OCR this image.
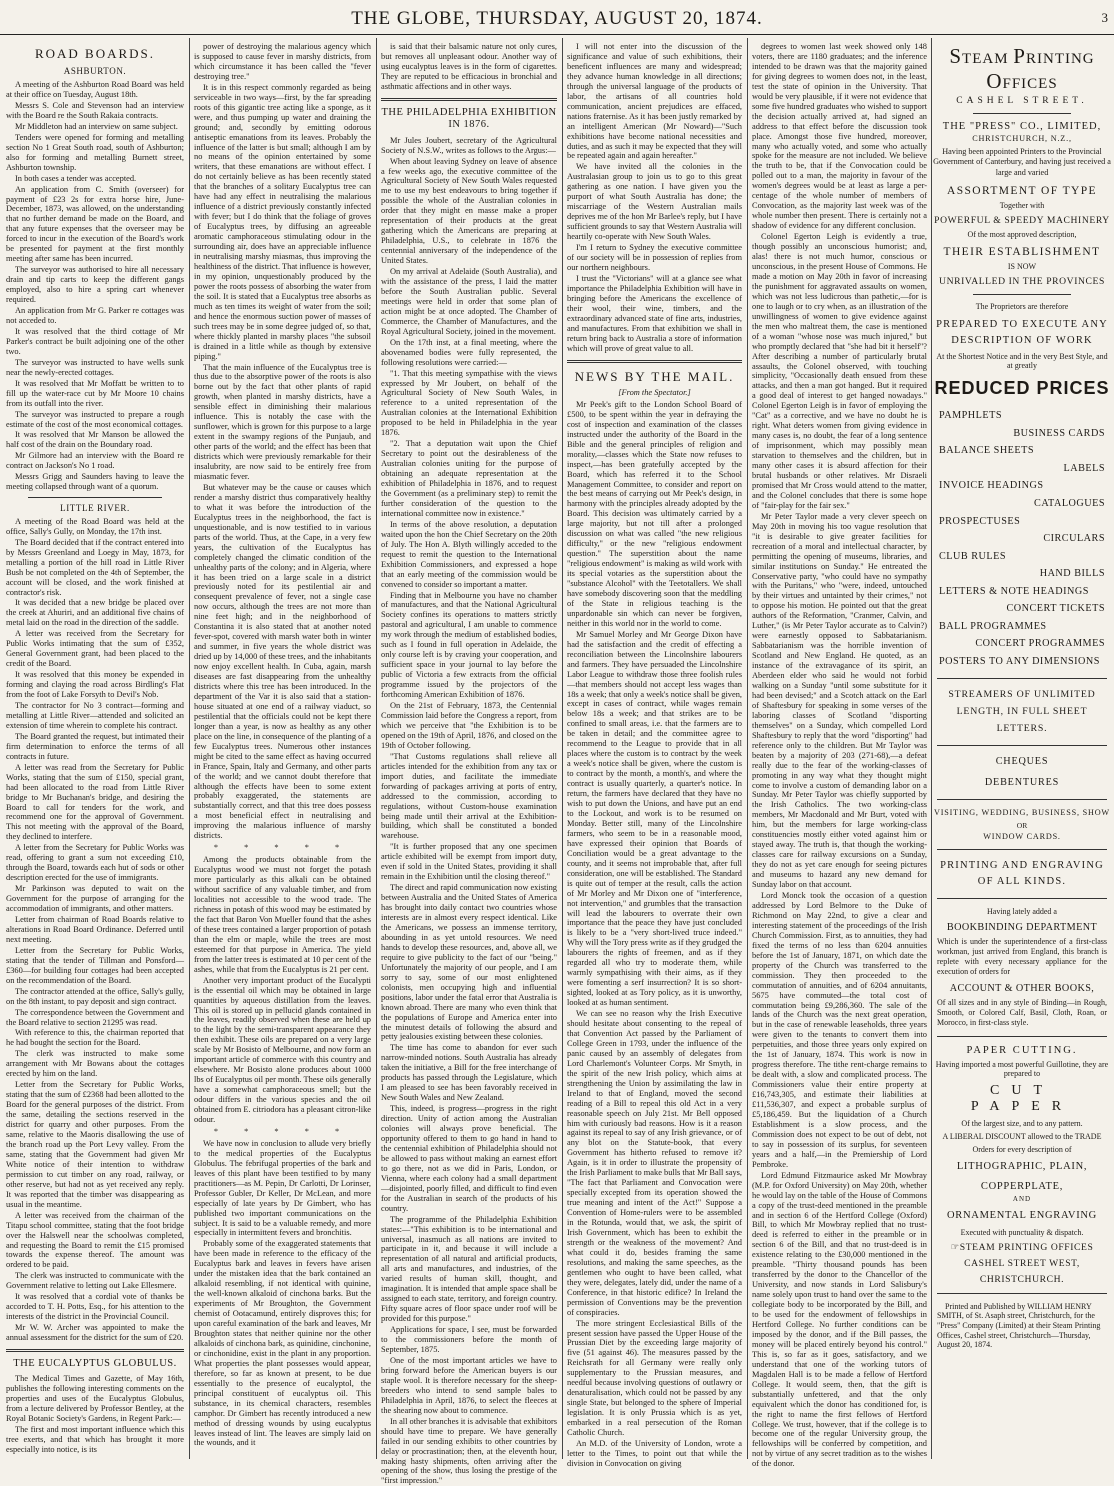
THE GLOBE, THURSDAY, AUGUST 20, 1874.	3
ROAD BOARDS.
ASHBURTON.

A meeting of the Ashburton Road Board was held at their office on Tuesday, August 18th.

Messrs S. Cole and Stevenson had an interview with the Board re the South Rakaia contracts.

Mr Middleton had an interview on same subject.

Tenders were opened for forming and metalling section No 1 Great South road, south of Ashburton; also for forming and metalling Burnett street, Ashburton township.

In both cases a tender was accepted.

An application from C. Smith (overseer) for payment of £23 2s for extra horse hire, June-December, 1873, was allowed, on the understanding that no further demand be made on the Board, and that any future expenses that the overseer may be forced to incur in the execution of the Board's work be presented for payment at the first monthly meeting after same has been incurred.

The surveyor was authorised to hire all necessary drain and tip carts to keep the different gangs employed, also to hire a spring cart whenever required.

An application from Mr G. Parker re cottages was not acceded to.

It was resolved that the third cottage of Mr Parker's contract be built adjoining one of the other two.

The surveyor was instructed to have wells sunk near the newly-erected cottages.

It was resolved that Mr Moffatt be written to to fill up the water-race cut by Mr Moore 10 chains from its outfall into the river.

The surveyor was instructed to prepare a rough estimate of the cost of the most economical cottages.

It was resolved that Mr Manson be allowed the half cost of the drain on the Boundary road.

Mr Gilmore had an interview with the Board re contract on Jackson's No 1 road.

Messrs Grigg and Saunders having to leave the meeting collapsed through want of a quorum.

LITTLE RIVER.

A meeting of the Road Board was held at the office, Sally's Gully, on Monday, the 17th inst.

The Board decided that if the contract entered into by Messrs Greenland and Loegy in May, 1873, for metalling a portion of the hill road in Little River Bush be not completed on the 4th of September, the account will be closed, and the work finished at contractor's risk.

It was decided that a new bridge be placed over the creek at Ahuriri, and an additional five chains of metal laid on the road in the direction of the saddle.

A letter was received from the Secretary for Public Works intimating that the sum of £352, General Government grant, had been placed to the credit of the Board.

It was resolved that this money be expended in forming and claying the road across Birdling's Flat from the foot of Lake Forsyth to Devil's Nob.

The contractor for No 3 contract—forming and metalling at Little River—attended and solicited an extension of time wherein to complete his contract.

The Board granted the request, but intimated their firm determination to enforce the terms of all contracts in future.

A letter was read from the Secretary for Public Works, stating that the sum of £150, special grant, had been allocated to the road from Little River bridge to Mr Buchanan's bridge, and desiring the Board to call for tenders for the work, and recommend one for the approval of Government. This not meeting with the approval of the Board, they declined to interfere.

A letter from the Secretary for Public Works was read, offering to grant a sum not exceeding £10, through the Board, towards each hut of sods or other description erected for the use of immigrants.

Mr Parkinson was deputed to wait on the Government for the purpose of arranging for the accommodation of immigrants, and other matters.

Letter from chairman of Road Boards relative to alterations in Road Board Ordinance. Deferred until next meeting.

Letter from the Secretary for Public Works, stating that the tender of Tillman and Ponsford—£360—for building four cottages had been accepted on the recommendation of the Board.

The contractor attended at the office, Sally's gully, on the 8th instant, to pay deposit and sign contract.

The correspondence between the Government and the Board relative to section 21295 was read.

With reference to this, the chairman reported that he had bought the section for the Board.

The clerk was instructed to make some arrangement with Mr Bowans about the cottages erected by him on the land.

Letter from the Secretary for Public Works, stating that the sum of £2368 had been allotted to the Board for the general purposes of the district. From the same, detailing the sections reserved in the district for quarry and other purposes. From the same, relative to the Maoris disallowing the use of the branch road up the Port Levy valley. From the same, stating that the Government had given Mr White notice of their intention to withdraw permission to cut timber on any road, railway, or other reserve, but had not as yet received any reply. It was reported that the timber was disappearing as usual in the meantime.

A letter was received from the chairman of the Titapu school committee, stating that the foot bridge over the Halswell near the schoolwas completed, and requesting the Board to remit the £15 promised towards the expense thereof. The amount was ordered to be paid.

The clerk was instructed to communicate with the Government relative to letting out Lake Ellesmere.

It was resolved that a cordial vote of thanks be accorded to T. H. Potts, Esq., for his attention to the interests of the district in the Provincial Council.

Mr W. W. Archer was appointed to make the annual assessment for the district for the sum of £20.

THE EUCALYPTUS GLOBULUS.

The Medical Times and Gazette, of May 16th, publishes the following interesting comments on the properties and uses of the Eucalyptus Globulus, from a lecture delivered by Professor Bentley, at the Royal Botanic Society's Gardens, in Regent Park:—

The first and most important influence which this tree exerts, and that which has brought it more especially into notice, is its

power of destroying the malarious agency which is supposed to cause fever in marshy districts, from which circumstance it has been called the "fever destroying tree."

It is in this respect commonly regarded as being serviceable in two ways—first, by the far spreading roots of this gigantic tree acting like a sponge, as it were, and thus pumping up water and draining the ground; and, secondly by emitting odorous antiseptic emanations from its leaves. Probably the influence of the latter is but small; although I am by no means of the opinion entertained by some writers, that these emanations are without effect. I do not certainly believe as has been recently stated that the branches of a solitary Eucalyptus tree can have had any effect in neutralising the malarious influence of a district previously constantly infected with fever; but I do think that the foliage of groves of Eucalyptus trees, by diffusing an agreeable aromatic camphoraceous stimulating odour in the surrounding air, does have an appreciable influence in neutralising marshy miasmas, thus improving the healthiness of the district. That influence is however, in my opinion, unquestionably produced by the power the roots possess of absorbing the water from the soil. It is stated that a Eucalyptus tree absorbs as much as ten times its weight of water from the soil; and hence the enormous suction power of masses of such trees may be in some degree judged of, so that, where thickly planted in marshy places "the subsoil is drained in a little while as though by extensive piping."

That the main influence of the Eucalyptus tree is thus due to the absorptive power of the roots is also borne out by the fact that other plants of rapid growth, when planted in marshy districts, have a sensible effect in diminishing their malarious influence. This is notably the case with the sunflower, which is grown for this purpose to a large extent in the swampy regions of the Punjaub, and other parts of the world; and the effect has been that districts which were previously remarkable for their insalubrity, are now said to be entirely free from miasmatic fever.

But whatever may be the cause or causes which render a marshy district thus comparatively healthy to what it was before the introduction of the Eucalyptus trees in the neighborhood, the fact is unquestionable, and is now testified to in various parts of the world. Thus, at the Cape, in a very few years, the cultivation of the Eucalyptus has completely changed the climatic condition of the unhealthy parts of the colony; and in Algeria, where it has been tried on a large scale in a district previously noted for its pestilential air and consequent prevalence of fever, not a single case now occurs, although the trees are not more than nine feet high; and in the neighborhood of Constantina it is also stated that at another noted fever-spot, covered with marsh water both in winter and summer, in five years the whole district was dried up by 14,000 of these trees, and the inhabitants now enjoy excellent health. In Cuba, again, marsh diseases are fast disappearing from the unhealthy districts where this tree has been introduced. In the department of the Var it is also said that a station-house situated at one end of a railway viaduct, so pestilential that the officials could not be kept there longer than a year, is now as healthy as any other place on the line, in consequence of the planting of a few Eucalyptus trees. Numerous other instances might be cited to the same effect as having occurred in France, Spain, Italy and Germany, and other parts of the world; and we cannot doubt therefore that although the effects have been to some extent probably exaggerated, the statements are substantially correct, and that this tree does possess a most beneficial effect in neutralising and improving the malarious influence of marshy districts.

* * * * *

Among the products obtainable from the Eucalyptus wood we must not forget the potash more particularly as this alkali can be obtained without sacrifice of any valuable timber, and from localities not accessible to the wood trade. The richness in potash of this wood may be estimated by the fact that Baron Von Mueller found that the ashes of these trees contained a larger proportion of potash than the elm or maple, while the trees are most esteemed for that purpose in America. The yield from the latter trees is estimated at 10 per cent of the ashes, while that from the Eucalyptus is 21 per cent.

Another very important product of the Eucalypti is the essential oil which may be obtained in large quantities by aqueous distillation from the leaves. This oil is stored up in pellucid glands contained in the leaves, readily observed when these are held up to the light by the semi-transparent appearance they then exhibit. These oils are prepared on a very large scale by Mr Bosisto of Melbourne, and now form an important article of commerce with this country and elsewhere. Mr Bosisto alone produces about 1000 lbs of Eucalyptus oil per month. These oils generally have a somewhat camphoraceous smell; but the odour differs in the various species and the oil obtained from E. citriodora has a pleasant citron-like odour.

* * * * *

We have now in conclusion to allude very briefly to the medical properties of the Eucalyptus Globulus. The febrifugal properties of the bark and leaves of this plant have been testified to by many practitioners—as M. Pepin, Dr Carlotti, Dr Lorinser, Professor Gubler, Dr Keller, Dr McLean, and more especially of late years by Dr Gimbert, who has published two important communications on the subject. It is said to be a valuable remedy, and more especially in intermittent fevers and bronchitis.

Probably some of the exaggerated statements that have been made in reference to the efficacy of the Eucalyptus bark and leaves in fevers have arisen under the mistaken idea that the bark contained an alkaloid resembling, if not identical with quinine, the well-known alkaloid of cinchona barks. But the experiments of Mr Broughton, the Government chemist of Ootacamund, entirely disproves this; for upon careful examination of the bark and leaves, Mr Broughton states that neither quinine nor the other alkaloids of cinchona bark, as quinidine, cinchonine, or cinchonidine, exist in the plant in any proportion. What properties the plant possesses would appear, therefore, so far as known at present, to be due essentially to the presence of eucalyptol, the principal constituent of eucalyptus oil. This substance, in its chemical characters, resembles camphor. Dr Gimbert has recently introduced a new method of dressing wounds by using eucalyptus leaves instead of lint. The leaves are simply laid on the wounds, and it

is said that their balsamic nature not only cures, but removes all unpleasant odour. Another way of using eucalyptus leaves is in the form of cigarettes. They are reputed to be efficacious in bronchial and asthmatic affections and in other ways.

THE PHILADELPHIA EXHIBITION IN 1876.

Mr Jules Joubert, secretary of the Agricultural Society of N.S.W., writes as follows to the Argus:—

When about leaving Sydney on leave of absence a few weeks ago, the executive committee of the Agricultural Society of New South Wales requested me to use my best endeavours to bring together if possible the whole of the Australian colonies in order that they might en masse make a proper representation of their products at the great gathering which the Americans are preparing at Philadelphia, U.S., to celebrate in 1876 the centennial anniversary of the independence of the United States.

On my arrival at Adelaide (South Australia), and with the assistance of the press, I laid the matter before the South Australian public. Several meetings were held in order that some plan of action might be at once adopted. The Chamber of Commerce, the Chamber of Manufactures, and the Royal Agricultural Society, joined in the movement.

On the 17th inst, at a final meeting, where the abovenamed bodies were fully represented, the following resolutions were carried:—

"1. That this meeting sympathise with the views expressed by Mr Joubert, on behalf of the Agricultural Society of New South Wales, in reference to a united representation of the Australian colonies at the International Exhibition proposed to be held in Philadelphia in the year 1876.

"2. That a deputation wait upon the Chief Secretary to point out the desirableness of the Australian colonies uniting for the purpose of obtaining an adequate representation at the exhibition of Philadelphia in 1876, and to request the Government (as a preliminary step) to remit the further consideration of the question to the international committee now in existence."

In terms of the above resolution, a deputation waited upon the hon the Chief Secretary on the 20th of July. The Hon A. Blyth willingly acceded to the request to remit the question to the International Exhibition Commissioners, and expressed a hope that an early meeting of the commission would be convened to consider so important a matter.

Finding that in Melbourne you have no chamber of manufactures, and that the National Agricultural Society confines its operations to matters strictly pastoral and agricultural, I am unable to commence my work through the medium of established bodies, such as I found in full operation in Adelaide, the only course left is by craving your cooperation, and sufficient space in your journal to lay before the public of Victoria a few extracts from the official programme issued by the projectors of the forthcoming American Exhibition of 1876.

On the 21st of February, 1873, the Centennial Commission laid before the Congress a report, from which we perceive that "the Exhibition is to be opened on the 19th of April, 1876, and closed on the 19th of October following.

"That Customs regulations shall relieve all articles intended for the exhibition from any tax or import duties, and facilitate the immediate forwarding of packages arriving at ports of entry, addressed to the commission, according to regulations, without Custom-house examination being made until their arrival at the Exhibition-building, which shall be constituted a bonded warehouse.

"It is further proposed that any one specimen article exhibited will be exempt from import duty, even if sold in the United States, providing it shall remain in the Exhibition until the closing thereof."

The direct and rapid communication now existing between Australia and the United States of America has brought into daily contact two countries whose interests are in almost every respect identical. Like the Americans, we possess an immense territory, abounding in as yet untold resources. We need hands to develop these resources, and, above all, we require to give publicity to the fact of our "being." Unfortunately the majority of our people, and I am sorry to say, some of our most enlightened colonists, men occupying high and influential positions, labor under the fatal error that Australia is known abroad. There are many who even think that the populations of Europe and America enter into the minutest details of following the absurd and petty jealousies existing between these colonies.

The time has come to abandon for ever such narrow-minded notions. South Australia has already taken the initiative, a Bill for the free interchange of products has passed through the Legislature, which I am pleased to see has been favorably received in New South Wales and New Zealand.

This, indeed, is progress—progress in the right direction. Unity of action among the Australian colonies will always prove beneficial. The opportunity offered to them to go hand in hand to the centennial exhibition of Philadelphia should not be allowed to pass without making an earnest effort to go there, not as we did in Paris, London, or Vienna, where each colony had a small department—disjointed, poorly filled, and difficult to find even for the Australian in search of the products of his country.

The programme of the Philadelphia Exhibition states:—"This exhibition is to be international and universal, inasmuch as all nations are invited to participate in it, and because it will include a representation of all natural and artificial products, all arts and manufactures, and industries, of the varied results of human skill, thought, and imagination. It is intended that ample space shall be assigned to each state, territory, and foreign country. Fifty square acres of floor space under roof will be provided for this purpose."

Applications for space, I see, must be forwarded to the commissioners before the month of September, 1875.

One of the most important articles we have to bring forward before the American buyers is our staple wool. It is therefore necessary for the sheep-breeders who intend to send sample bales to Philadelphia in April, 1876, to select the fleeces at the shearing now about to commence.

In all other branches it is advisable that exhibitors should have time to prepare. We have generally failed in our sending exhibits to other countries by delay or procrastination; then, at the eleventh hour, making hasty shipments, often arriving after the opening of the show, thus losing the prestige of the "first impression."

I will not enter into the discussion of the significance and value of such exhibitions, their beneficent influences are many and widespread; they advance human knowledge in all directions; through the universal language of the products of labor, the artisans of all countries hold communication, ancient prejudices are effaced, nations fraternise. As it has been justly remarked by an intelligent American (Mr Noward)—"Such exhibitions have become national necessities and duties, and as such it may be expected that they will be repeated again and again hereafter."

We have invited all the colonies in the Australasian group to join us to go to this great gathering as one nation. I have given you the purport of what South Australia has done; the miscarriage of the Western Australian mails deprives me of the hon Mr Barlee's reply, but I have sufficient grounds to say that Western Australia will heartily co-operate with New South Wales.

I'm I return to Sydney the executive committee of our society will be in possession of replies from our northern neighbours.

I trust the "Victorians" will at a glance see what importance the Philadelphia Exhibition will have in bringing before the Americans the excellence of their wool, their wine, timbers, and the extraordinary advanced state of fine arts, industries, and manufactures. From that exhibition we shall in return bring back to Australia a store of information which will prove of great value to all.

NEWS BY THE MAIL.
[From the Spectator.]

Mr Peek's gift to the London School Board of £500, to be spent within the year in defraying the cost of inspection and examination of the classes instructed under the authority of the Board in the Bible and the general principles of religion and morality,—classes which the State now refuses to inspect,—has been gratefully accepted by the Board, which has referred it to the School Management Committee, to consider and report on the best means of carrying out Mr Peek's design, in harmony with the principles already adopted by the Board. This decision was ultimately carried by a large majority, but not till after a prolonged discussion on what was called "the new religious difficulty," or the new "religious endowment question." The superstition about the name "religious endowment" is making as wild work with its special votaries as the superstition about the "substance Alcohol" with the Teetotallers. We shall have somebody discovering soon that the meddling of the State in religious teaching is the unpardonable sin which can never be forgiven, neither in this world nor in the world to come.

Mr Samuel Morley and Mr George Dixon have had the satisfaction and the credit of effecting a reconciliation between the Lincolnshire labourers and farmers. They have persuaded the Lincolnshire Labor League to withdraw those three foolish rules—that members should not accept less wages than 18s a week; that only a week's notice shall be given, except in cases of contract, while wages remain below 18s a week; and that strikes are to be confined to small areas, i.e. that the farmers are to be taken in detail; and the committee agree to recommend to the League to provide that in all places where the custom is to contract by the week a week's notice shall be given, where the custom is to contract by the month, a month's, and where the contract is usually quarterly, a quarter's notice. In return, the farmers have declared that they have no wish to put down the Unions, and have put an end to the Lockout, and work is to be resumed on Monday. Better still, many of the Lincolnshire farmers, who seem to be in a reasonable mood, have expressed their opinion that Boards of Conciliation would be a great advantage to the county, and it seems not improbable that, after full consideration, one will be established. The Standard is quite out of temper at the result, calls the action of Mr Morley and Mr Dixon one of "interference, not intervention," and grumbles that the transaction will lead the labourers to overrate their own importance that the peace they have just concluded is likely to be a "very short-lived truce indeed." Why will the Tory press write as if they grudged the labourers the rights of freemen, and as if they regarded all who try to moderate them, while warmly sympathising with their aims, as if they were fomenting a serf insurrection? It is so short-sighted, looked at as Tory policy, as it is unworthy, looked at as human sentiment.

We can see no reason why the Irish Executive should hesitate about consenting to the repeal of that Convention Act passed by the Parliament of College Green in 1793, under the influence of the panic caused by an assembly of delegates from Lord Charlemont's Volunteer Corps. Mr Smyth, in the spirit of the new Irish policy, which aims at strengthening the Union by assimilating the law in Ireland to that of England, moved the second reading of a Bill to repeal this old Act in a very reasonable speech on July 21st. Mr Bell opposed him with curiously bad reasons. How is it a reason against its repeal to say of any Irish grievance, or of any blot on the Statute-book, that every Government has hitherto refused to remove it? Again, is it in order to illustrate the propensity of the Irish Parliament to make bulls that Mr Ball says, "The fact that Parliament and Convocation were specially excepted from its operation showed the true meaning and intent of the Act!" Suppose a Convention of Home-rulers were to be assembled in the Rotunda, would that, we ask, the spirit of Irish Government, which has been to exhibit the strength or the weakness of the movement? And what could it do, besides framing the same resolutions, and making the same speeches, as the gentlemen who ought to have been called, what they were, delegates, lately did, under the name of a Conference, in that historic edifice? In Ireland the permission of Conventions may be the prevention of conspiracies.

The more stringent Ecclesiastical Bills of the present session have passed the Upper House of the Prussian Diet by the exceeding large majority of five (51 against 46). The measures passed by the Reichsrath for all Germany were really only supplementary to the Prussian measures, and needful because involving questions of outlawry or denaturalisation, which could not be passed by any single State, but belonged to the sphere of Imperial legislation. It is only Prussia which is as yet, embarked in a real persecution of the Roman Catholic Church.

An M.D. of the University of London, wrote a letter to the Times, to point out that while the division in Convocation on giving

degrees to women last week showed only 148 voters, there are 1180 graduates; and the inference intended to be drawn was that the majority gained for giving degrees to women does not, in the least, test the state of opinion in the University. That would be very plausible, if it were not evidence that some five hundred graduates who wished to support the decision actually arrived at, had signed an address to that effect before the discussion took place. Amongst those five hundred, moreover, many who actually voted, and some who actually spoke for the measure are not included. We believe the truth to be, that if the Convocation could be polled out to a man, the majority in favour of the women's degrees would be at least as large a per-centage of the whole number of members of Convocation, as the majority last week was of the whole number then present. There is certainly not a shadow of evidence for any different conclusion.

Colonel Egerton Leigh is evidently a true, though possibly an unconscious humorist; and, alas! there is not much humor, conscious or unconscious, in the present House of Commons. He made a motion on May 20th in favor of increasing the punishment for aggravated assaults on women, which was not less ludicrous than pathetic,—for is one to laugh or to cry when, as an illustration of the unwillingness of women to give evidence against the men who maltreat them, the case is mentioned of a woman "whose nose was much injured," but who promptly declared that "she had bit it herself"? After describing a number of particularly brutal assaults, the Colonel observed, with touching simplicity, "Occasionally death ensued from these attacks, and then a man got hanged. But it required a good deal of interest to get hanged nowadays." Colonel Egerton Leigh is in favor of employing the "Cat" as a corrective, and we have no doubt he is right. What deters women from giving evidence in many cases is, no doubt, the fear of a long sentence of imprisonment, which may possibly mean starvation to themselves and the children, but in many other cases it is absurd affection for their brutal husbands or other relatives. Mr Disraeli promised that Mr Cross would attend to the matter, and the Colonel concludes that there is some hope of "fair-play for the fair sex."

Mr Peter Taylor made a very clever speech on May 20th in moving his too vague resolution that "it is desirable to give greater facilities for recreation of a moral and intellectual character, by permitting the opening of museums, libraries, and similar institutions on Sunday." He entreated the Conservative party, "who could have no sympathy with the Puritans," who "were, indeed, untouched by their virtues and untainted by their crimes," not to oppose his motion. He pointed out that the great authors of the Reformation, "Cranmer, Calvin, and Luther," (is Mr Peter Taylor accurate as to Calvin?) were earnestly opposed to Sabbatarianism. Sabbatarianism was the horrible invention of Scotland and New England. He quoted, as an instance of the extravagance of its spirit, an Aberdeen elder who said he would not forbid walking on a Sunday "until some substitute for it had been devised;" and a Scotch attack on the Earl of Shaftesbury for speaking in some verses of the laboring classes of Scotland "disporting themselves" on a Sunday, which compelled Lord Shaftesbury to reply that the word "disporting" had reference only to the children. But Mr Taylor was beaten by a majority of 203 (271-68),—a defeat really due to the fear of the working-classes of promoting in any way what they thought might come to involve a custom of demanding labor on a Sunday. Mr Peter Taylor was chiefly supported by the Irish Catholics. The two working-class members, Mr Macdonald and Mr Burt, voted with him, but the members for large working-class constituencies mostly either voted against him or stayed away. The truth is, that though the working-classes care for railway excursions on a Sunday, they do not as yet care enough for seeing pictures and museums to hazard any new demand for Sunday labor on that account.

Lord Monck took the occasion of a question addressed by Lord Belmore to the Duke of Richmond on May 22nd, to give a clear and interesting statement of the proceedings of the Irish Church Commission. First, as to annuities, they had fixed the terms of no less than 6204 annuities before the 1st of January, 1871, on which date the property of the Church was transferred to the commission. They then proceeded to the commutation of annuities, and of 6204 annuitants, 5675 have commuted—the total cost of commutation being £9,286,360. The sale of the lands of the Church was the next great operation, but in the case of renewable leaseholds, three years were given to the tenants to convert them into perpetuities, and those three years only expired on the 1st of January, 1874. This work is now in progress therefore. The tithe rent-charge remains to be dealt with, a slow and complicated process. The Commissioners value their entire property at £16,743,305, and estimate their liabilities at £11,536,307, and expect a probable surplus of £5,186,459. But the liquidation of a Church Establishment is a slow process, and the Commission does not expect to be out of debt, not to say in possession of its surplus, for seventeen years and a half,—in the Premiership of Lord Pembroke.

Lord Edmund Fitzmaurice asked Mr Mowbray (M.P. for Oxford University) on May 20th, whether he would lay on the table of the House of Commons a copy of the trust-deed mentioned in the preamble and in section 6 of the Hertford College (Oxford) Bill, to which Mr Mowbray replied that no trust-deed is referred to either in the preamble or in section 6 of the Bill, and that no trust-deed is in existence relating to the £30,000 mentioned in the preamble. "Thirty thousand pounds has been transferred by the donor to the Chancellor of the University, and now stands in Lord Salisbury's name solely upon trust to hand over the same to the collegiate body to be incorporated by the Bill, and to be used for the endowment of fellowships in Hertford College. No further conditions can be imposed by the donor, and if the Bill passes, the money will be placed entirely beyond his control." This is, so far as it goes, satisfactory, and we understand that one of the working tutors of Magdalen Hall is to be made a fellow of Hertford College. It would seem, then, that the gift is substantially unfettered, and that the only equivalent which the donor has conditioned for, is the right to name the first fellows of Hertford College. We trust, however, that if the college is to become one of the regular University group, the fellowships will be conferred by competition, and not by virtue of any secret tradition as to the wishes of the donor.

STEAM PRINTING OFFICES
CASHEL STREET.
THE "PRESS" CO., LIMITED,
CHRISTCHURCH, N.Z.,
Having been appointed Printers to the Provincial Government of Canterbury, and having just received a large and varied
ASSORTMENT OF TYPE
Together with
POWERFUL & SPEEDY MACHINERY
Of the most approved description,
THEIR ESTABLISHMENT
IS NOW
UNRIVALLED IN THE PROVINCES
The Proprietors are therefore
PREPARED TO EXECUTE ANY DESCRIPTION OF WORK
At the Shortest Notice and in the very Best Style, and at greatly
REDUCED PRICES
PAMPHLETS
BUSINESS CARDS
BALANCE SHEETS
LABELS
INVOICE HEADINGS
CATALOGUES
PROSPECTUSES
CIRCULARS
CLUB RULES
HAND BILLS
LETTERS & NOTE HEADINGS
CONCERT TICKETS
BALL PROGRAMMES
CONCERT PROGRAMMES
POSTERS TO ANY DIMENSIONS
STREAMERS OF UNLIMITED LENGTH, IN FULL SHEET LETTERS.
CHEQUES
DEBENTURES
VISITING, WEDDING, BUSINESS, SHOW
OR
WINDOW CARDS.
PRINTING AND ENGRAVING OF ALL KINDS.
Having lately added a
BOOKBINDING DEPARTMENT
Which is under the superintendence of a first-class workman, just arrived from England, this branch is replete with every necessary appliance for the execution of orders for
ACCOUNT & OTHER BOOKS,
Of all sizes and in any style of Binding—in Rough, Smooth, or Colored Calf, Basil, Cloth, Roan, or Morocco, in first-class style.
PAPER CUTTING.
Having imported a most powerful Guillotine, they are prepared to
CUT PAPER
Of the largest size, and to any pattern.
A LIBERAL DISCOUNT allowed to the TRADE
Orders for every description of
LITHOGRAPHIC, PLAIN,
COPPERPLATE,
AND
ORNAMENTAL ENGRAVING
Executed with punctuality & dispatch.
☞STEAM PRINTING OFFICES
CASHEL STREET WEST,
CHRISTCHURCH.
Printed and Published by WILLIAM HENRY SMITH, of St. Asaph street, Christchurch, for the "Press" Company (Limited) at their Steam Printing Offices, Cashel street, Christchurch—Thursday, August 20, 1874.
